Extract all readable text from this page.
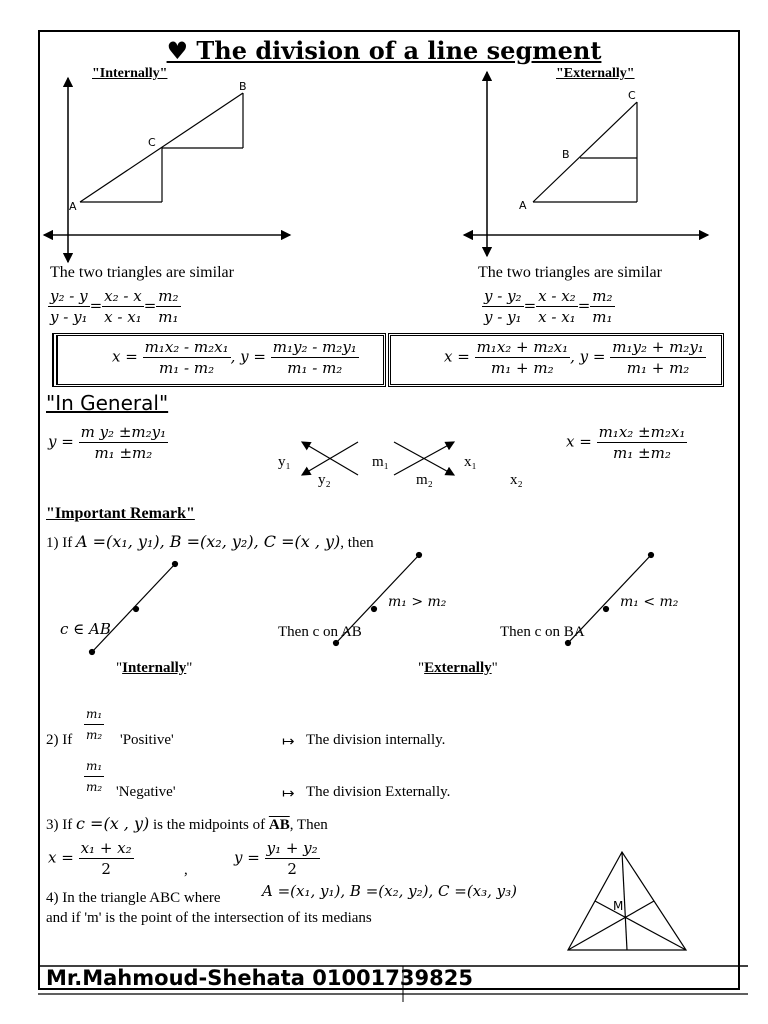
♥ The division of a line segment
"Internally"	"Externally"
A
C
B
A
B
C
The two triangles are similar	The two triangles are similar
$\frac{\text{y₂ - y}}{\text{y - y₁}} = \frac{\text{x₂ - x}}{\text{x - x₁}} = \frac{\text{m₂}}{\text{m₁}}$	$\frac{\text{y - y₂}}{\text{y - y₁}} = \frac{\text{x - x₂}}{\text{x - x₁}} = \frac{\text{m₂}}{\text{m₁}}$
$x = \frac{\text{m₁x₂ - m₂x₁}}{\text{m₁ - m₂}}$ , $y = \frac{\text{m₁y₂ - m₂y₁}}{\text{m₁ - m₂}}$	$x = \frac{\text{m₁x₂ + m₂x₁}}{\text{m₁ + m₂}}$ , $y = \frac{\text{m₁y₂ + m₂y₁}}{\text{m₁ + m₂}}$
"In General"
$y = \frac{\text{m y₂ ±m₂y₁}}{\text{m₁ ±m₂}}$	$x = \frac{\text{m₁x₂ ±m₂x₁}}{\text{m₁ ±m₂}}$
y₁
y₂
m₁
m₂
x₁
x₂
"Important Remark"
1) If A =(x₁, y₁), B =(x₂, y₂), C =(x , y), then
c ∈ AB	Then c on AB	Then c on BA
m₁ > m₂	m₁ < m₂
"Internally"	"Externally"
2) If $\frac{\text{m₁}}{\text{m₂}}$ 'Positive'	↦ The division internally.
$\frac{\text{m₁}}{\text{m₂}}$ 'Negative'	↦ The division Externally.
3) If c =(x , y) is the midpoints of $\overline{AB}$, Then
$x = \frac{\text{x₁ + x₂}}{2}$	,
$y = \frac{\text{y₁ + y₂}}{2}$
4) In the triangle ABC where	A =(x₁, y₁), B =(x₂, y₂), C =(x₃, y₃)
and if 'm' is the point of the intersection of its medians
M
Mr.Mahmoud-Shehata 01001739825
